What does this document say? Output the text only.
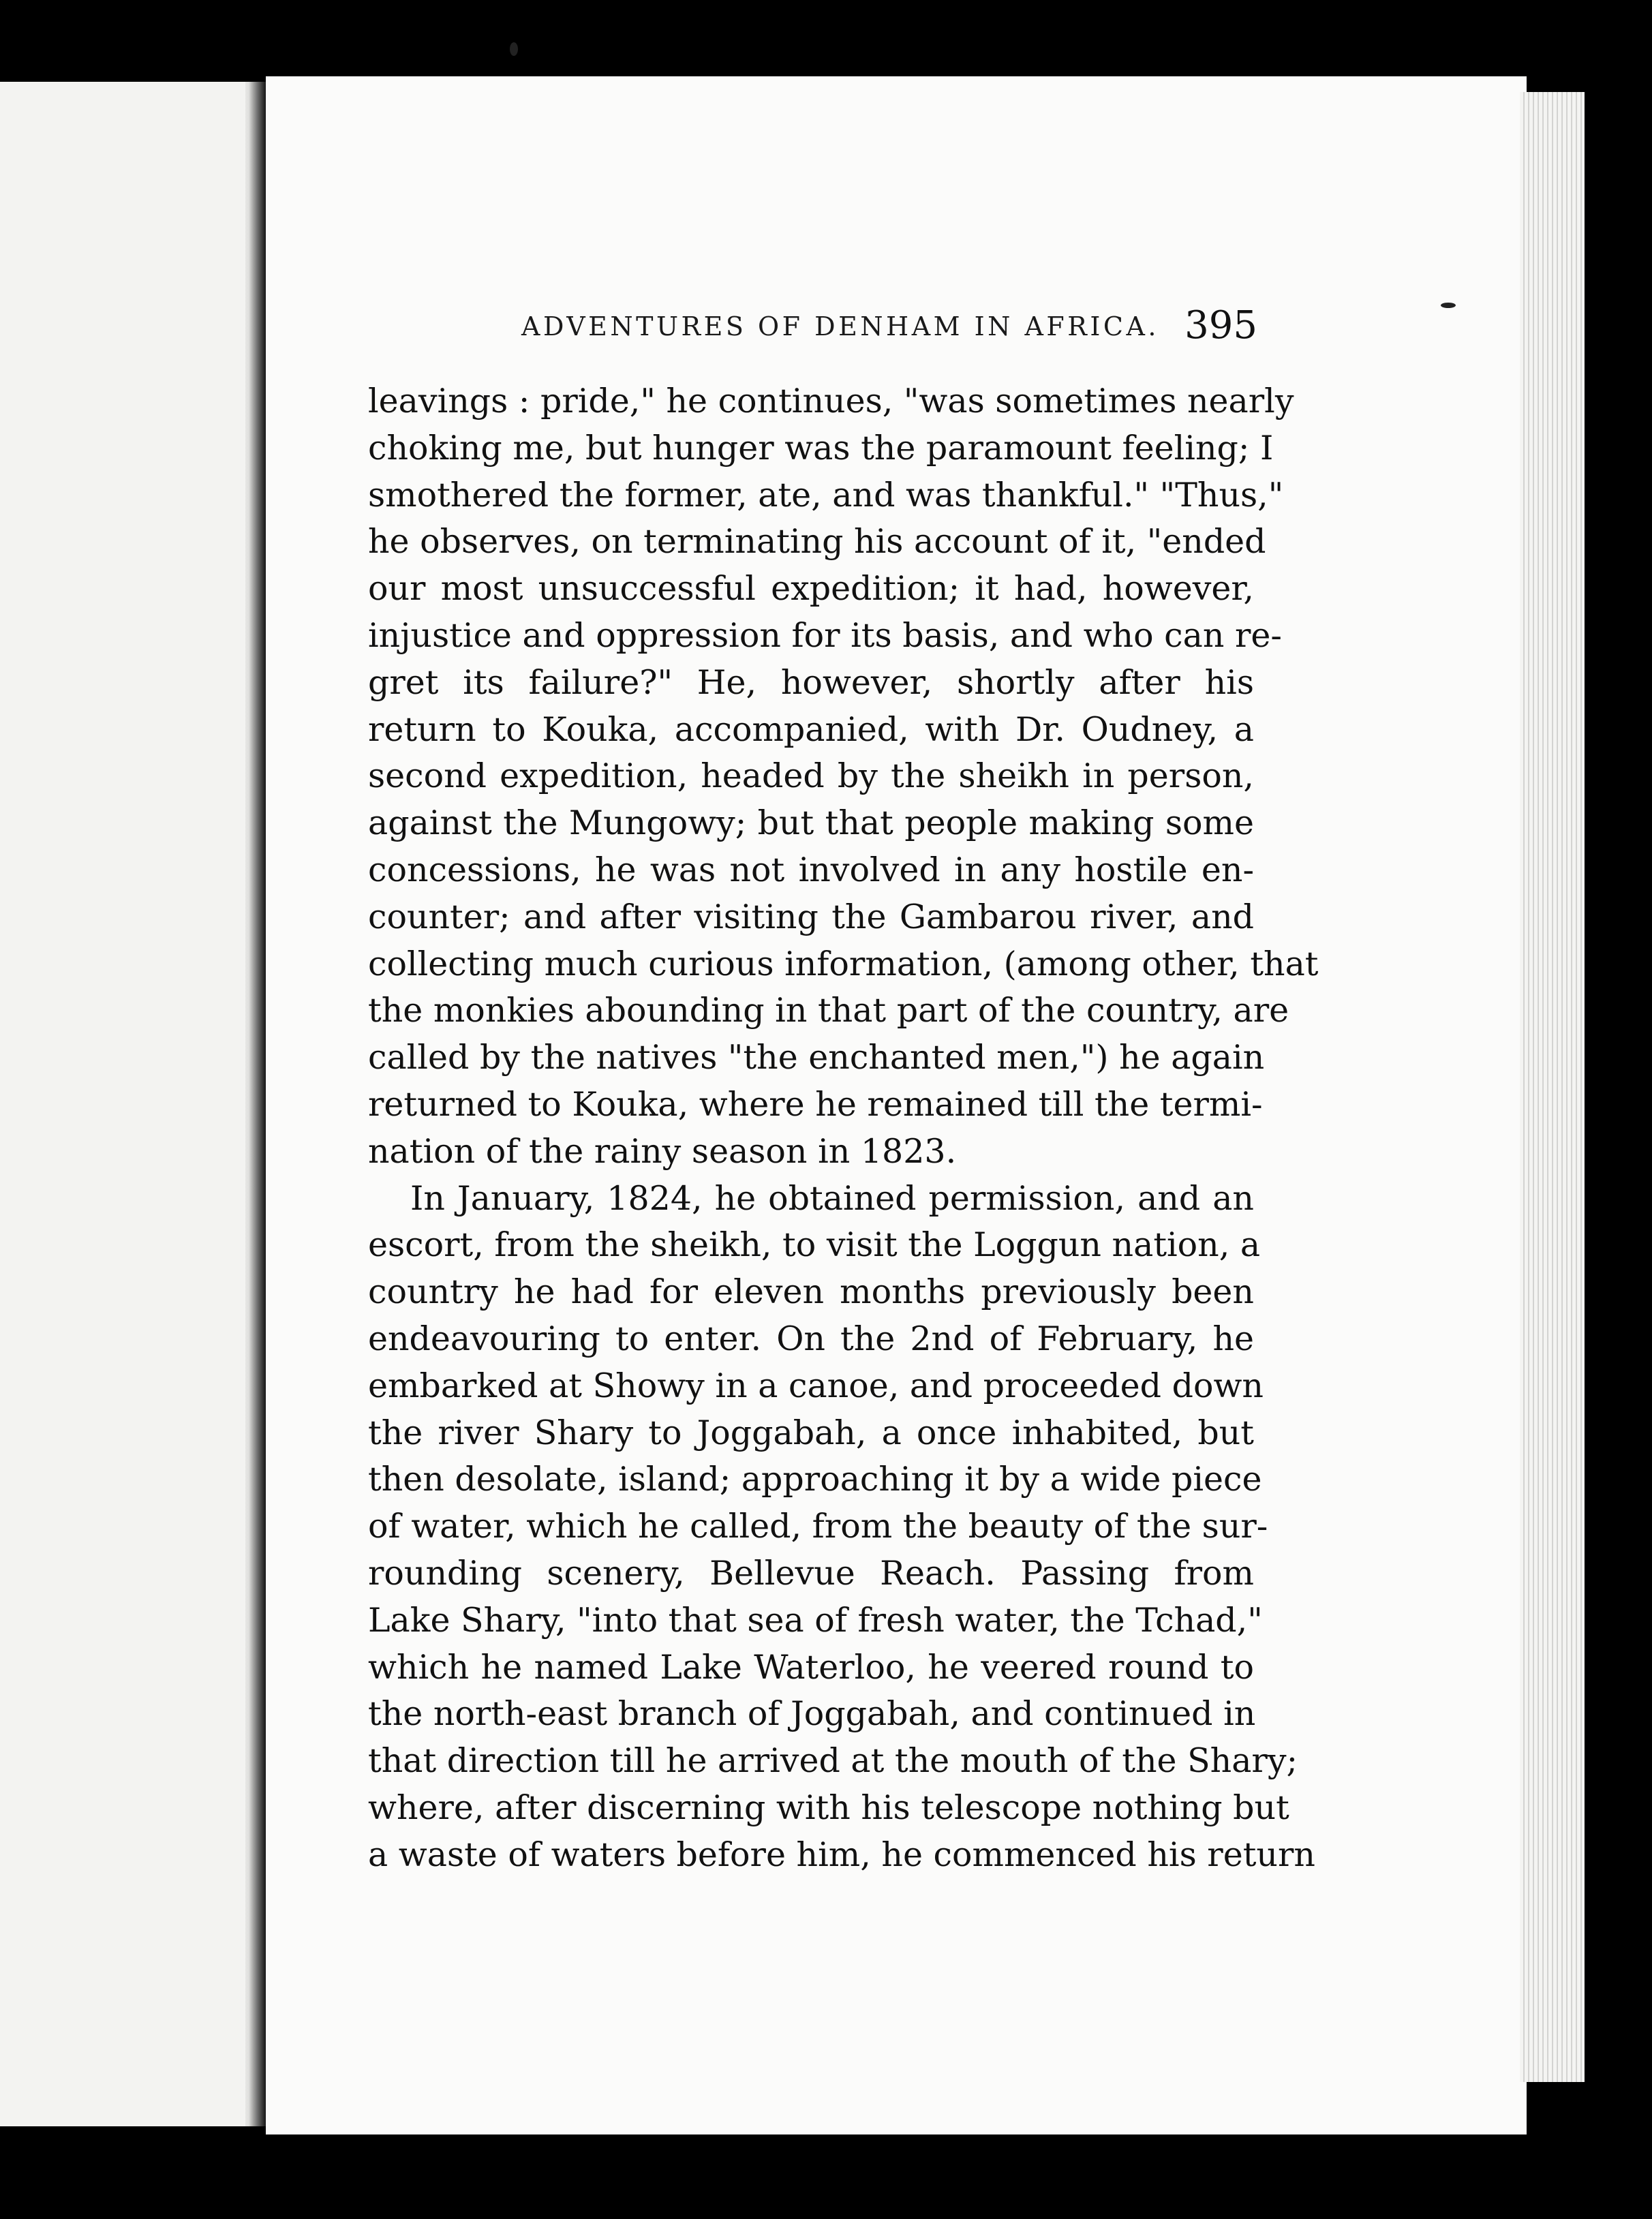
ADVENTURES OF DENHAM IN AFRICA. 395
leavings : pride," he continues, "was sometimes nearly
choking me, but hunger was the paramount feeling; I
smothered the former, ate, and was thankful." "Thus,"
he observes, on terminating his account of it, "ended
our most unsuccessful expedition; it had, however,
injustice and oppression for its basis, and who can re-
gret its failure?" He, however, shortly after his
return to Kouka, accompanied, with Dr. Oudney, a
second expedition, headed by the sheikh in person,
against the Mungowy; but that people making some
concessions, he was not involved in any hostile en-
counter; and after visiting the Gambarou river, and
collecting much curious information, (among other, that
the monkies abounding in that part of the country, are
called by the natives "the enchanted men,") he again
returned to Kouka, where he remained till the termi-
nation of the rainy season in 1823.
In January, 1824, he obtained permission, and an
escort, from the sheikh, to visit the Loggun nation, a
country he had for eleven months previously been
endeavouring to enter. On the 2nd of February, he
embarked at Showy in a canoe, and proceeded down
the river Shary to Joggabah, a once inhabited, but
then desolate, island; approaching it by a wide piece
of water, which he called, from the beauty of the sur-
rounding scenery, Bellevue Reach. Passing from
Lake Shary, "into that sea of fresh water, the Tchad,"
which he named Lake Waterloo, he veered round to
the north-east branch of Joggabah, and continued in
that direction till he arrived at the mouth of the Shary;
where, after discerning with his telescope nothing but
a waste of waters before him, he commenced his return
